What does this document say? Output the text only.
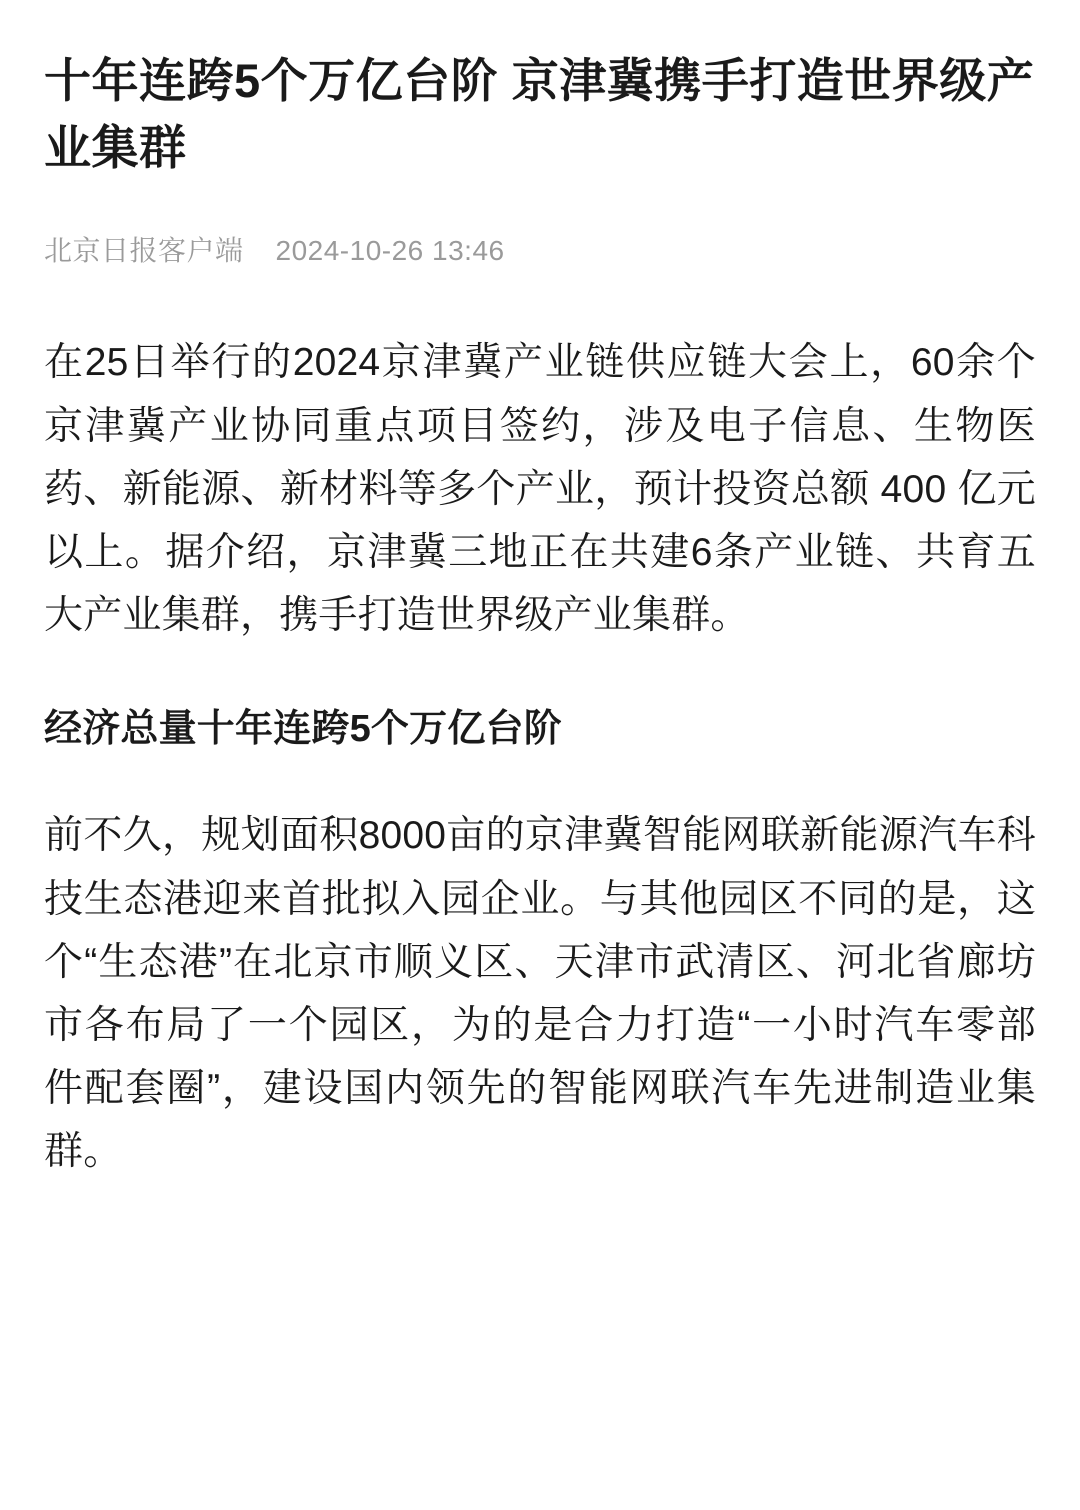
十年连跨5个万亿台阶 京津冀携手打造世界级产业集群
北京日报客户端 2024-10-26 13:46

在25日举行的2024京津冀产业链供应链大会上，60余个京津冀产业协同重点项目签约，涉及电子信息、生物医药、新能源、新材料等多个产业，预计投资总额 400 亿元以上。据介绍，京津冀三地正在共建6条产业链、共育五大产业集群，携手打造世界级产业集群。

经济总量十年连跨5个万亿台阶

前不久，规划面积8000亩的京津冀智能网联新能源汽车科技生态港迎来首批拟入园企业。与其他园区不同的是，这个“生态港”在北京市顺义区、天津市武清区、河北省廊坊市各布局了一个园区，为的是合力打造“一小时汽车零部件配套圈”，建设国内领先的智能网联汽车先进制造业集群。
